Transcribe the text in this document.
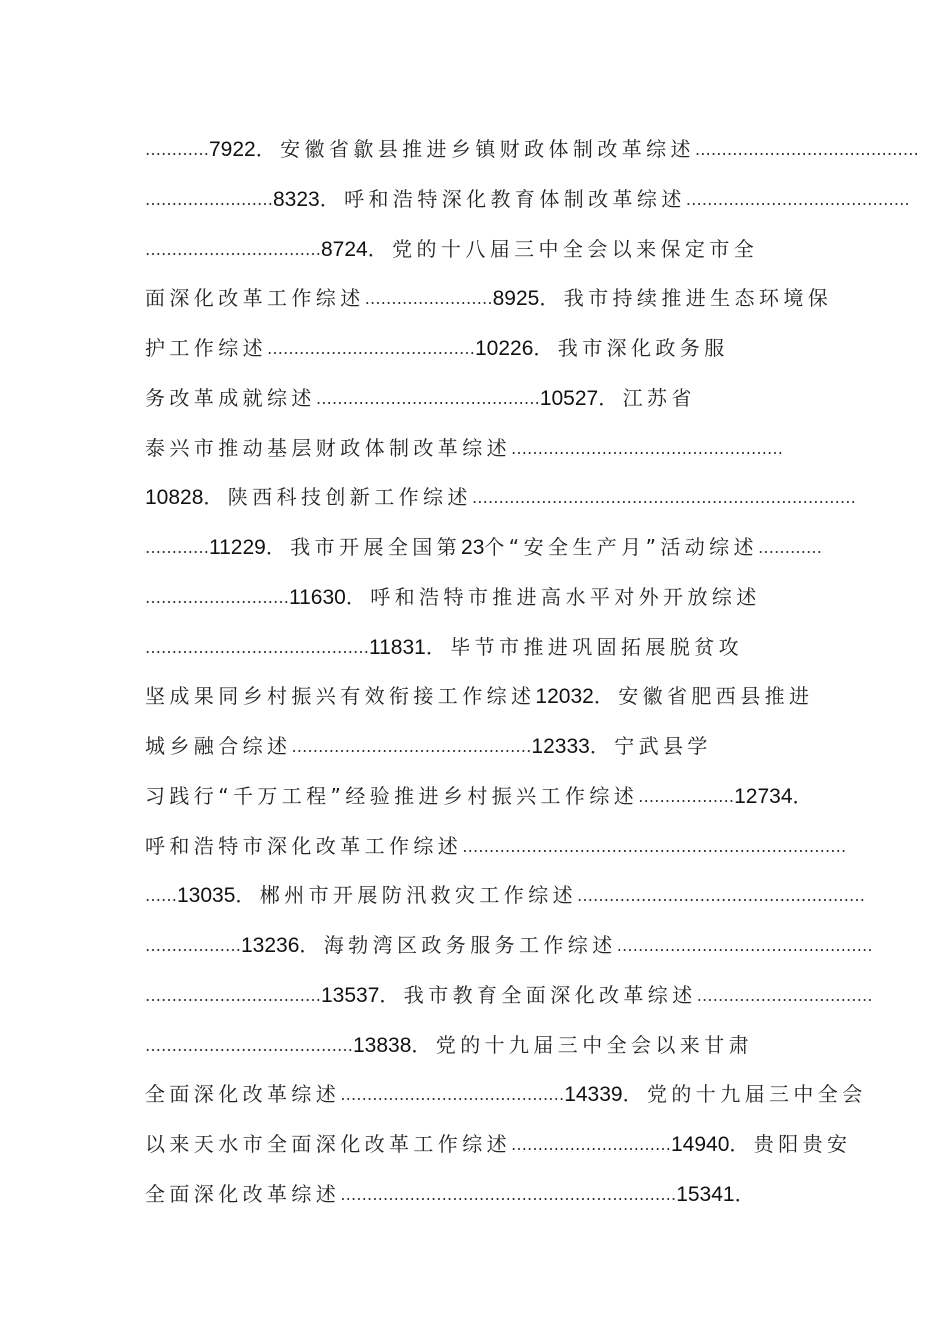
………… 7922 ．安徽省歙县推进乡镇财政体制改革综述 ……………………………………
…………………… 8323 ．呼和浩特深化教育体制改革综述 ……………………………………
…………………………… 8724 ．党的十八届三中全会以来保定市全
面深化改革工作综述 …………………… 8925 ．我市持续推进生态环境保
护工作综述 ………………………………… 10226 ．我市深化政务服
务改革成就综述 …………………………………… 10527 ．江苏省
泰兴市推动基层财政体制改革综述 ……………………………………………
10828 ．陕西科技创新工作综述 ………………………………………………………………
………… 11229 ．我市开展全国第 23 个“安全生产月”活动综述 …………
……………………… 11630 ．呼和浩特市推进高水平对外开放综述
…………………………………… 11831 ．毕节市推进巩固拓展脱贫攻
坚成果同乡村振兴有效衔接工作综述 12032 ．安徽省肥西县推进
城乡融合综述 ……………………………………… 12333 ．宁武县学
习践行“千万工程”经验推进乡村振兴工作综述 ……………… 12734 ．
呼和浩特市深化改革工作综述 ………………………………………………………………
…… 13035 ．郴州市开展防汛救灾工作综述 ………………………………………………
……………… 13236 ．海勃湾区政务服务工作综述 …………………………………………
…………………………… 13537 ．我市教育全面深化改革综述 ……………………………
………………………………… 13838 ．党的十九届三中全会以来甘肃
全面深化改革综述 …………………………………… 14339 ．党的十九届三中全会
以来天水市全面深化改革工作综述 ………………………… 14940 ．贵阳贵安
全面深化改革综述 ……………………………………………………… 15341 ．
